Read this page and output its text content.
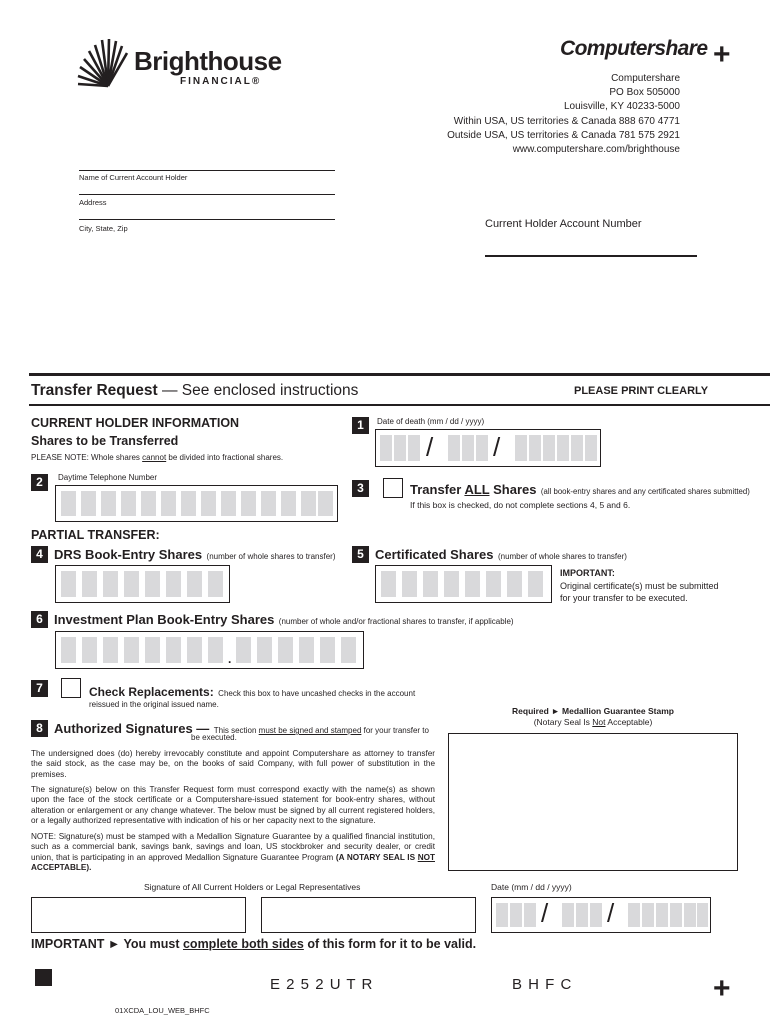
Brighthouse
FINANCIAL®
Computershare +
Computershare
PO Box 505000
Louisville, KY 40233-5000
Within USA, US territories & Canada 888 670 4771
Outside USA, US territories & Canada 781 575 2921
www.computershare.com/brighthouse
Name of Current Account Holder
Address
City, State, Zip	Current Holder Account Number
Transfer Request — See enclosed instructions	PLEASE PRINT CLEARLY
CURRENT HOLDER INFORMATION
Shares to be Transferred
PLEASE NOTE: Whole shares cannot be divided into fractional shares.
1	Date of death (mm / dd / yyyy)
/ /
2	Daytime Telephone Number
3	Transfer ALL Shares (all book-entry shares and any certificated shares submitted)
If this box is checked, do not complete sections 4, 5 and 6.
PARTIAL TRANSFER:
4 DRS Book-Entry Shares (number of whole shares to transfer)	5 Certificated Shares (number of whole shares to transfer)
IMPORTANT:
Original certificate(s) must be submitted
for your transfer to be executed.
6 Investment Plan Book-Entry Shares (number of whole and/or fractional shares to transfer, if applicable)
.
7	Check Replacements: Check this box to have uncashed checks in the account
reissued in the original issued name.
8 Authorized Signatures — This section must be signed and stamped for your transfer to
be executed.
Required ► Medallion Guarantee Stamp
(Notary Seal Is Not Acceptable)
The undersigned does (do) hereby irrevocably constitute and appoint Computershare as attorney to transfer the said stock, as the case may be, on the books of said Company, with full power of substitution in the premises.
The signature(s) below on this Transfer Request form must correspond exactly with the name(s) as shown upon the face of the stock certificate or a Computershare-issued statement for book-entry shares, without alteration or enlargement or any change whatever. The below must be signed by all current registered holders, or a legally authorized representative with indication of his or her capacity next to the signature.
NOTE: Signature(s) must be stamped with a Medallion Signature Guarantee by a qualified financial institution, such as a commercial bank, savings bank, savings and loan, US stockbroker and security dealer, or credit union, that is participating in an approved Medallion Signature Guarantee Program (A NOTARY SEAL IS NOT ACCEPTABLE).
Signature of All Current Holders or Legal Representatives	Date (mm / dd / yyyy)
/ /
IMPORTANT ► You must complete both sides of this form for it to be valid.
E 2 5 2 U T R	B H F C	+
01XCDA_LOU_WEB_BHFC
